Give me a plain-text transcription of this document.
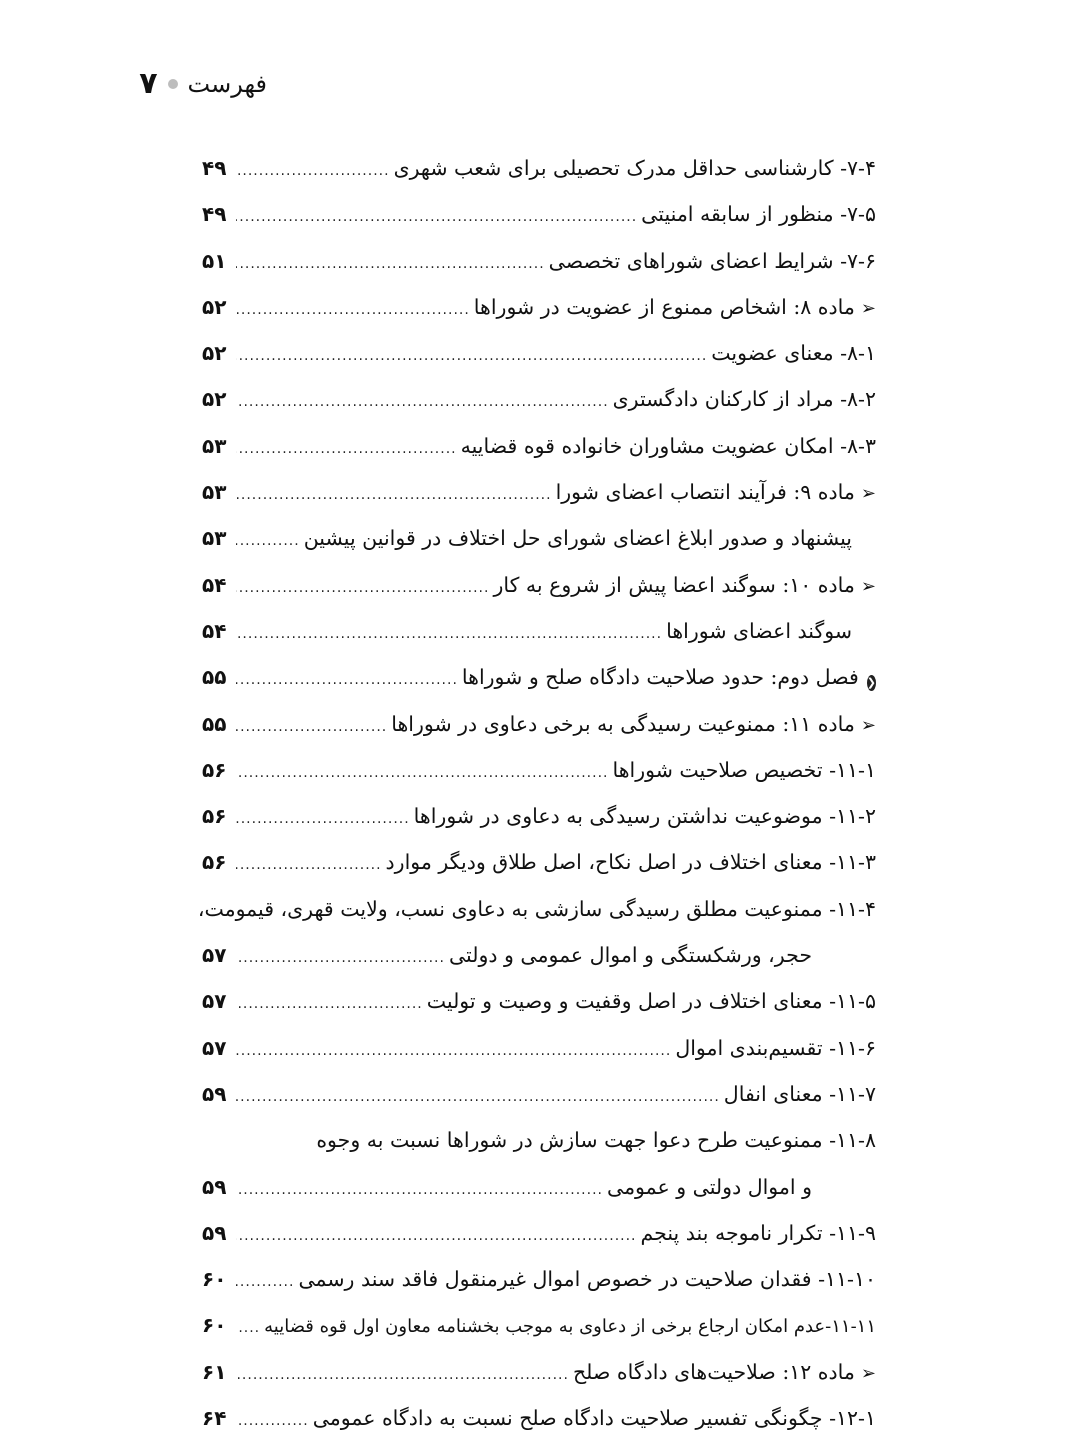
فهرست
۷
۷-۴- کارشناسی حداقل مدرک تحصیلی برای شعب شهری
.....
۴۹
۷-۵- منظور از سابقه امنیتی
.....
۴۹
۷-۶- شرایط اعضای شوراهای تخصصی
.....
۵۱
➢
ماده ۸: اشخاص ممنوع از عضویت در شوراها
.....
۵۲
۸-۱- معنای عضویت
.....
۵۲
۸-۲- مراد از کارکنان دادگستری
.....
۵۲
۸-۳- امکان عضویت مشاوران خانواده قوه قضاییه
.....
۵۳
➢
ماده ۹: فرآیند انتصاب اعضای شورا
.....
۵۳
پیشنهاد و صدور ابلاغ اعضای شورای حل اختلاف در قوانین پیشین
.....
۵۳
➢
ماده ۱۰: سوگند اعضا پیش از شروع به کار
.....
۵۴
سوگند اعضای شوراها
.....
۵۴
❮
فصل دوم: حدود صلاحیت دادگاه صلح و شوراها
.....
۵۵
➢
ماده ۱۱: ممنوعیت رسیدگی به برخی دعاوی در شوراها
.....
۵۵
۱۱-۱- تخصیص صلاحیت شوراها
.....
۵۶
۱۱-۲- موضوعیت نداشتن رسیدگی به دعاوی در شوراها
.....
۵۶
۱۱-۳- معنای اختلاف در اصل نکاح، اصل طلاق ودیگر موارد
.....
۵۶
۱۱-۴- ممنوعیت مطلق رسیدگی سازشی به دعاوی نسب، ولایت قهری، قیمومت،
حجر، ورشکستگی و اموال عمومی و دولتی
.....
۵۷
۱۱-۵- معنای اختلاف در اصل وقفیت و وصیت و تولیت
.....
۵۷
۱۱-۶- تقسیم‌بندی اموال
.....
۵۷
۱۱-۷- معنای انفال
.....
۵۹
۱۱-۸- ممنوعیت طرح دعوا جهت سازش در شوراها نسبت به وجوه
و اموال دولتی و عمومی
.....
۵۹
۱۱-۹- تکرار ناموجه بند پنجم
.....
۵۹
۱۱-۱۰- فقدان صلاحیت در خصوص اموال غیرمنقول فاقد سند رسمی
.....
۶۰
۱۱-۱۱-عدم امکان ارجاع برخی از دعاوی به موجب بخشنامه معاون اول قوه قضاییه
.....
۶۰
➢
ماده ۱۲: صلاحیت‌های دادگاه صلح
.....
۶۱
۱۲-۱- چگونگی تفسیر صلاحیت دادگاه صلح نسبت به دادگاه عمومی
.....
۶۴
